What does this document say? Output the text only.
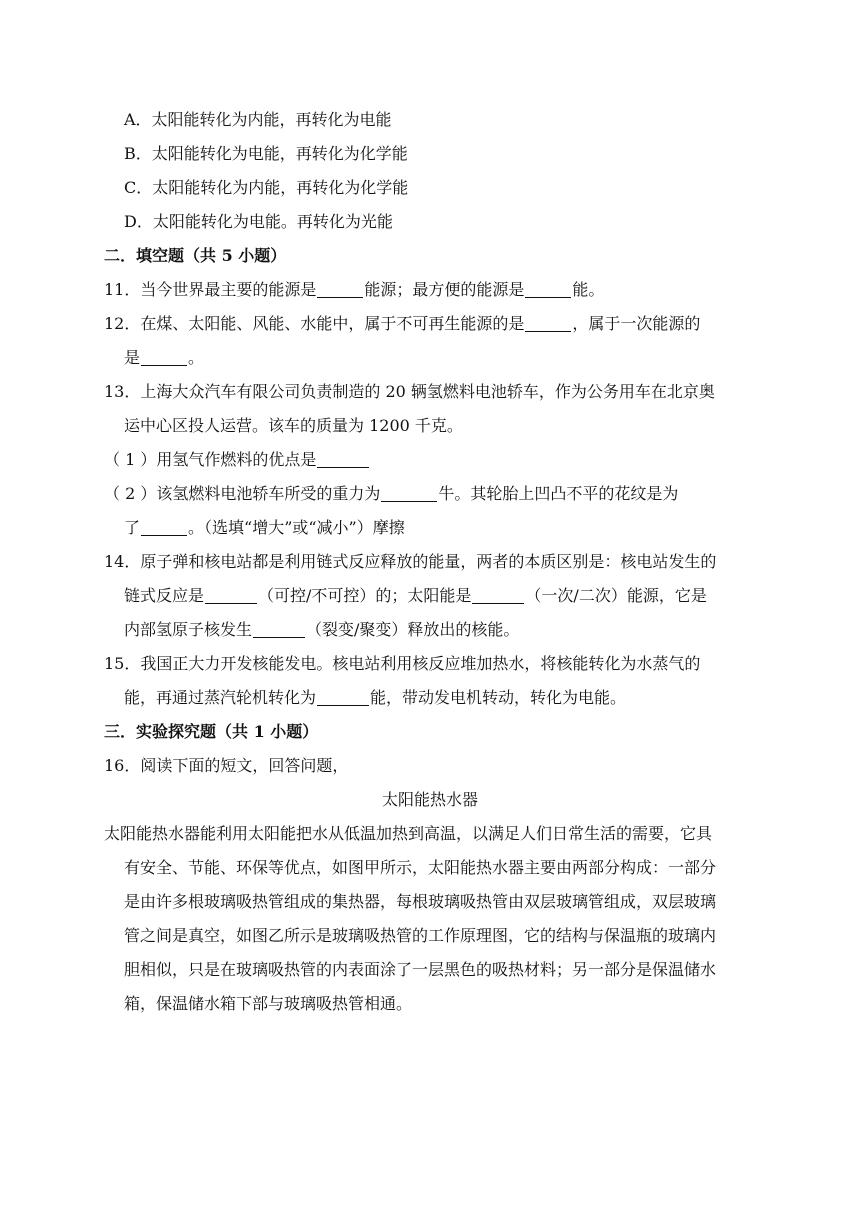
A．太阳能转化为内能，再转化为电能
B．太阳能转化为电能，再转化为化学能
C．太阳能转化为内能，再转化为化学能
D．太阳能转化为电能。再转化为光能
二．填空题（共 5 小题）
11．当今世界最主要的能源是	能源；最方便的能源是	能。
12．在煤、太阳能、风能、水能中，属于不可再生能源的是	，属于一次能源的
是	。
13．上海大众汽车有限公司负责制造的 20 辆氢燃料电池轿车，作为公务用车在北京奥
运中心区投人运营。该车的质量为 1200 千克。
（ 1 ）用氢气作燃料的优点是
（ 2 ）该氢燃料电池轿车所受的重力为	牛。其轮胎上凹凸不平的花纹是为
了	。（选填“增大”或“减小”）摩擦
14．原子弹和核电站都是利用链式反应释放的能量，两者的本质区别是：核电站发生的
链式反应是	（可控/不可控）的；太阳能是	（一次/二次）能源，它是
内部氢原子核发生	（裂变/聚变）释放出的核能。
15．我国正大力开发核能发电。核电站利用核反应堆加热水，将核能转化为水蒸气的
能，再通过蒸汽轮机转化为	能，带动发电机转动，转化为电能。
三．实验探究题（共 1 小题）
16．阅读下面的短文，回答问题，
太阳能热水器
太阳能热水器能利用太阳能把水从低温加热到高温，以满足人们日常生活的需要，它具
有安全、节能、环保等优点，如图甲所示，太阳能热水器主要由两部分构成：一部分
是由许多根玻璃吸热管组成的集热器，每根玻璃吸热管由双层玻璃管组成，双层玻璃
管之间是真空，如图乙所示是玻璃吸热管的工作原理图，它的结构与保温瓶的玻璃内
胆相似，只是在玻璃吸热管的内表面涂了一层黑色的吸热材料；另一部分是保温储水
箱，保温储水箱下部与玻璃吸热管相通。
